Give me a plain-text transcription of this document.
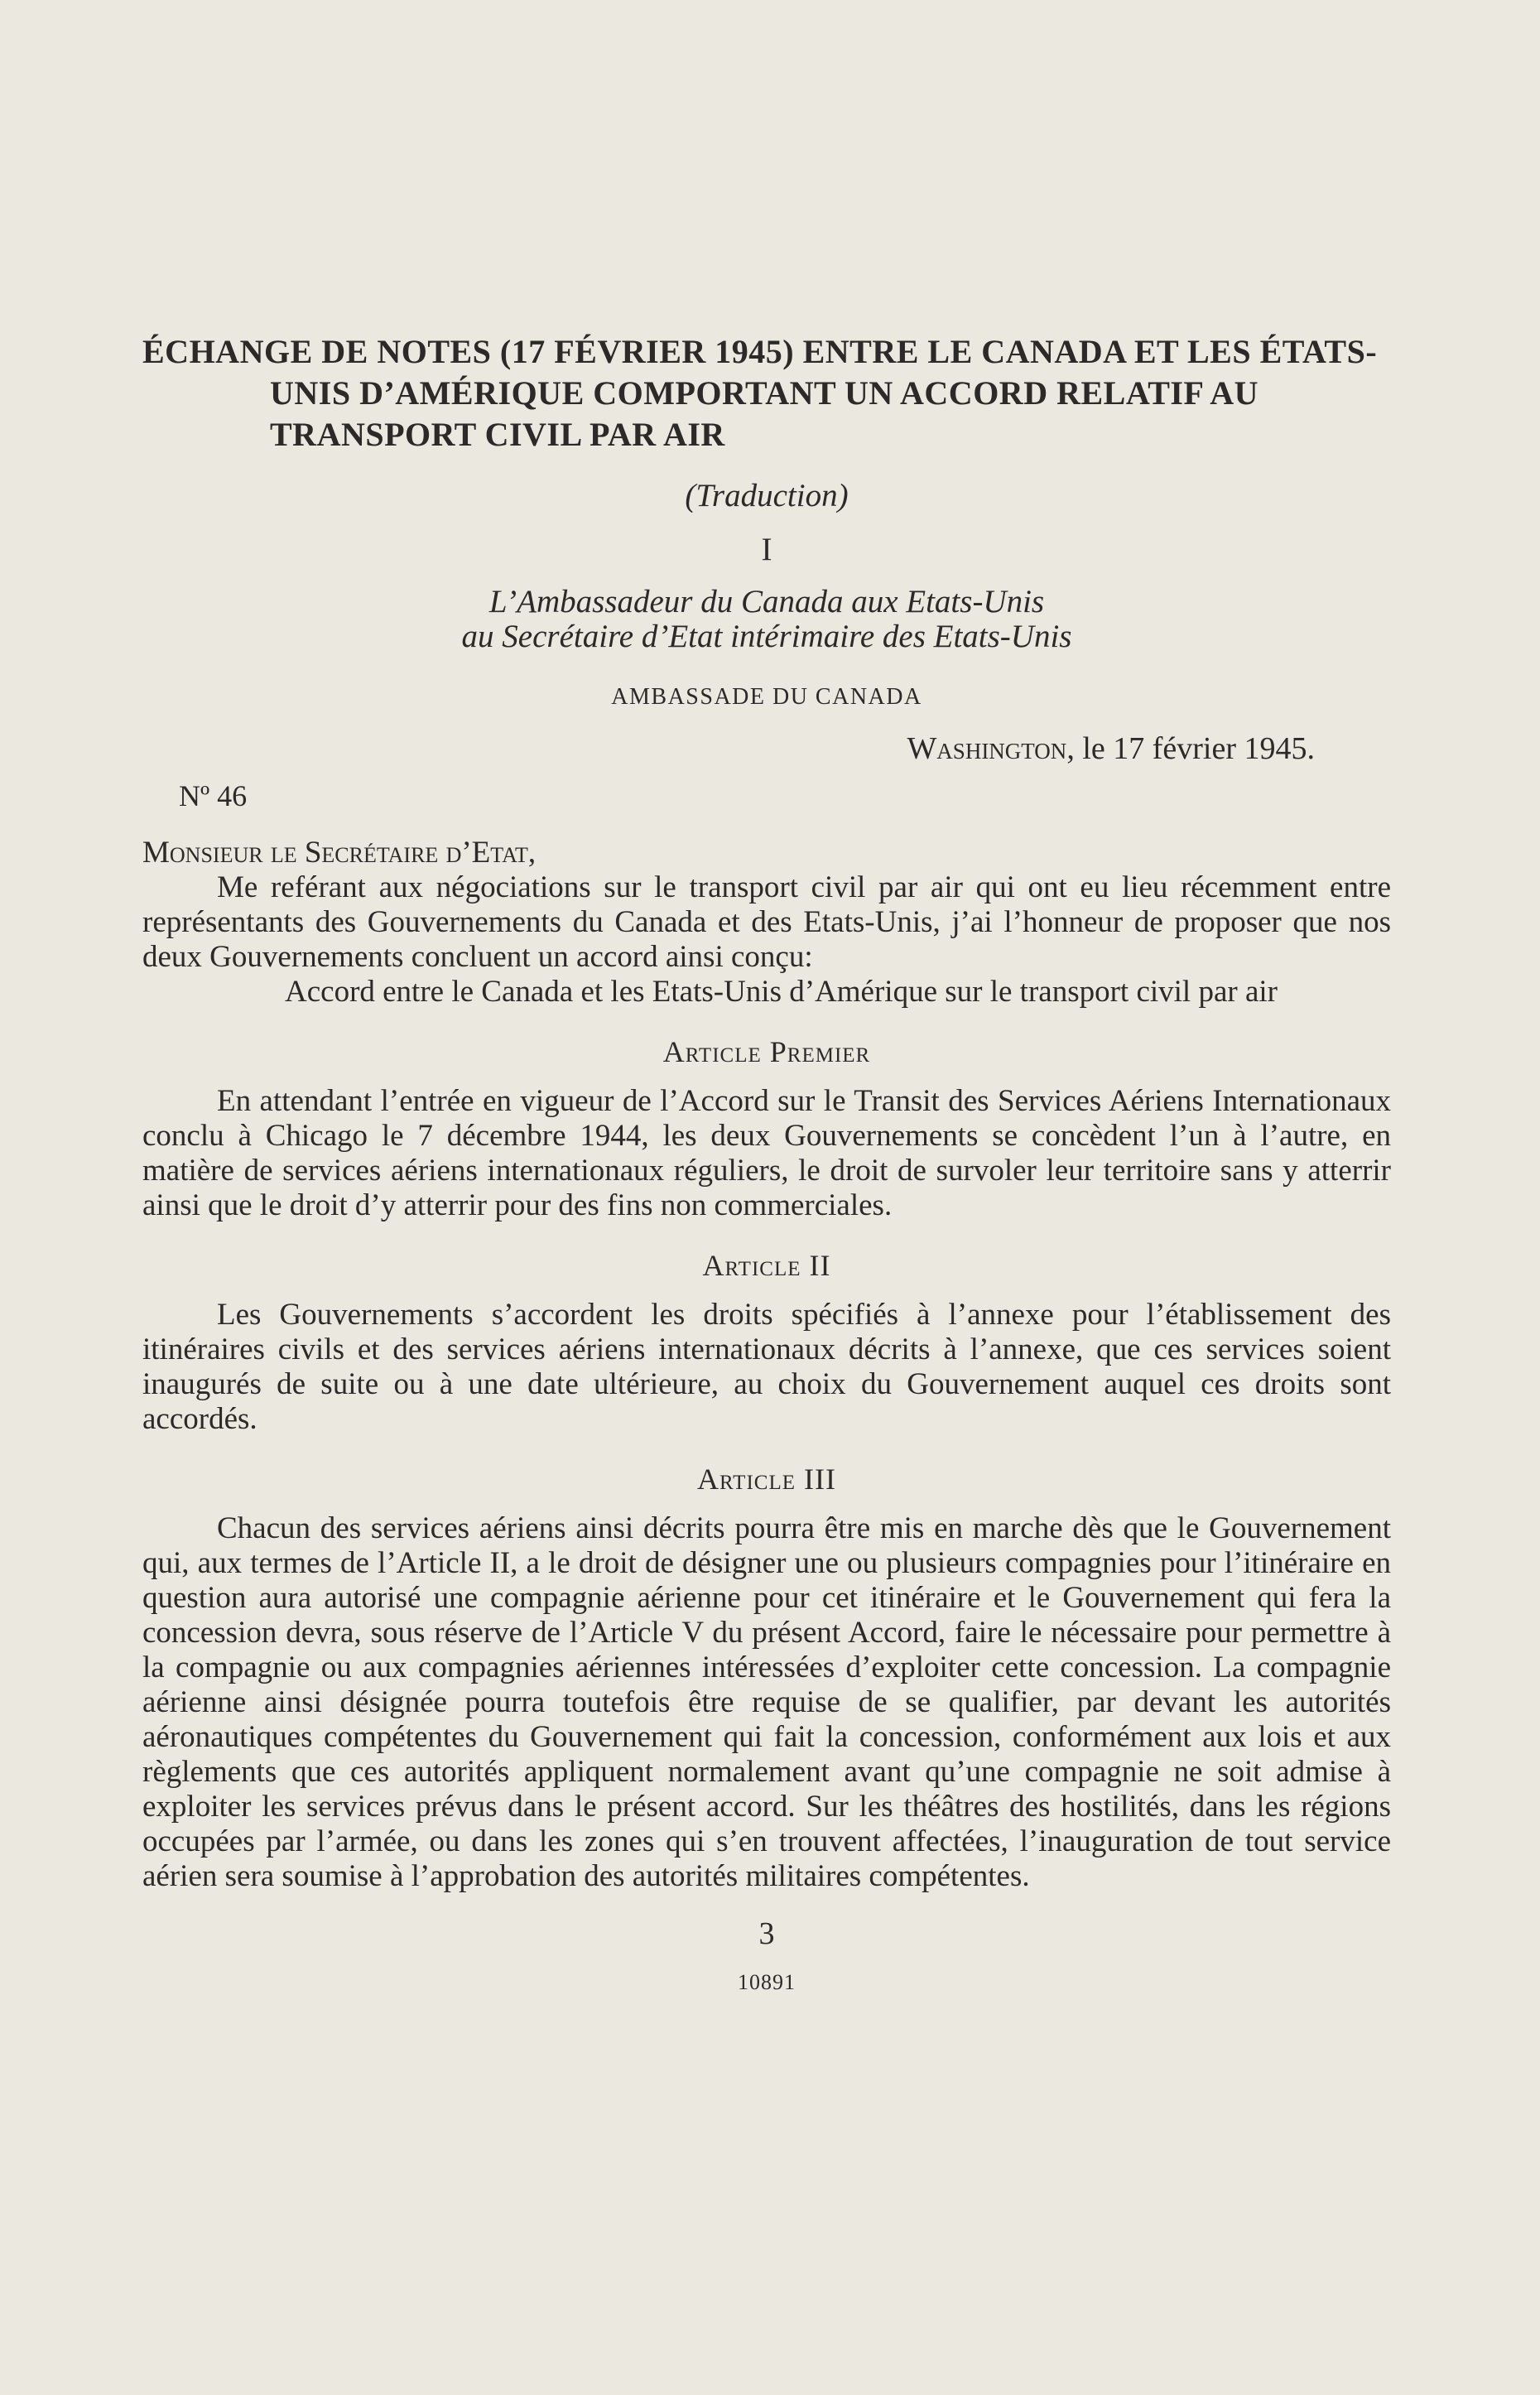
ÉCHANGE DE NOTES (17 FÉVRIER 1945) ENTRE LE CANADA ET LES ÉTATS-UNIS D’AMÉRIQUE COMPORTANT UN ACCORD RELATIF AU TRANSPORT CIVIL PAR AIR
(Traduction)
I
L’Ambassadeur du Canada aux Etats-Unis
au Secrétaire d’Etat intérimaire des Etats-Unis
AMBASSADE DU CANADA
Washington, le 17 février 1945.
Nº 46
Monsieur le Secrétaire d’Etat,

Me reférant aux négociations sur le transport civil par air qui ont eu lieu récemment entre représentants des Gouvernements du Canada et des Etats-Unis, j’ai l’honneur de proposer que nos deux Gouvernements concluent un accord ainsi conçu:

Accord entre le Canada et les Etats-Unis d’Amérique sur le transport civil par air

Article Premier

En attendant l’entrée en vigueur de l’Accord sur le Transit des Services Aériens Internationaux conclu à Chicago le 7 décembre 1944, les deux Gouvernements se concèdent l’un à l’autre, en matière de services aériens internationaux réguliers, le droit de survoler leur territoire sans y atterrir ainsi que le droit d’y atterrir pour des fins non commerciales.

Article II

Les Gouvernements s’accordent les droits spécifiés à l’annexe pour l’établissement des itinéraires civils et des services aériens internationaux décrits à l’annexe, que ces services soient inaugurés de suite ou à une date ultérieure, au choix du Gouvernement auquel ces droits sont accordés.

Article III

Chacun des services aériens ainsi décrits pourra être mis en marche dès que le Gouvernement qui, aux termes de l’Article II, a le droit de désigner une ou plusieurs compagnies pour l’itinéraire en question aura autorisé une compagnie aérienne pour cet itinéraire et le Gouvernement qui fera la concession devra, sous réserve de l’Article V du présent Accord, faire le nécessaire pour permettre à la compagnie ou aux compagnies aériennes intéressées d’exploiter cette concession. La compagnie aérienne ainsi désignée pourra toutefois être requise de se qualifier, par devant les autorités aéronautiques compétentes du Gouvernement qui fait la concession, conformément aux lois et aux règlements que ces autorités appliquent normalement avant qu’une compagnie ne soit admise à exploiter les services prévus dans le présent accord. Sur les théâtres des hostilités, dans les régions occupées par l’armée, ou dans les zones qui s’en trouvent affectées, l’inauguration de tout service aérien sera soumise à l’approbation des autorités militaires compétentes.

3
10891
